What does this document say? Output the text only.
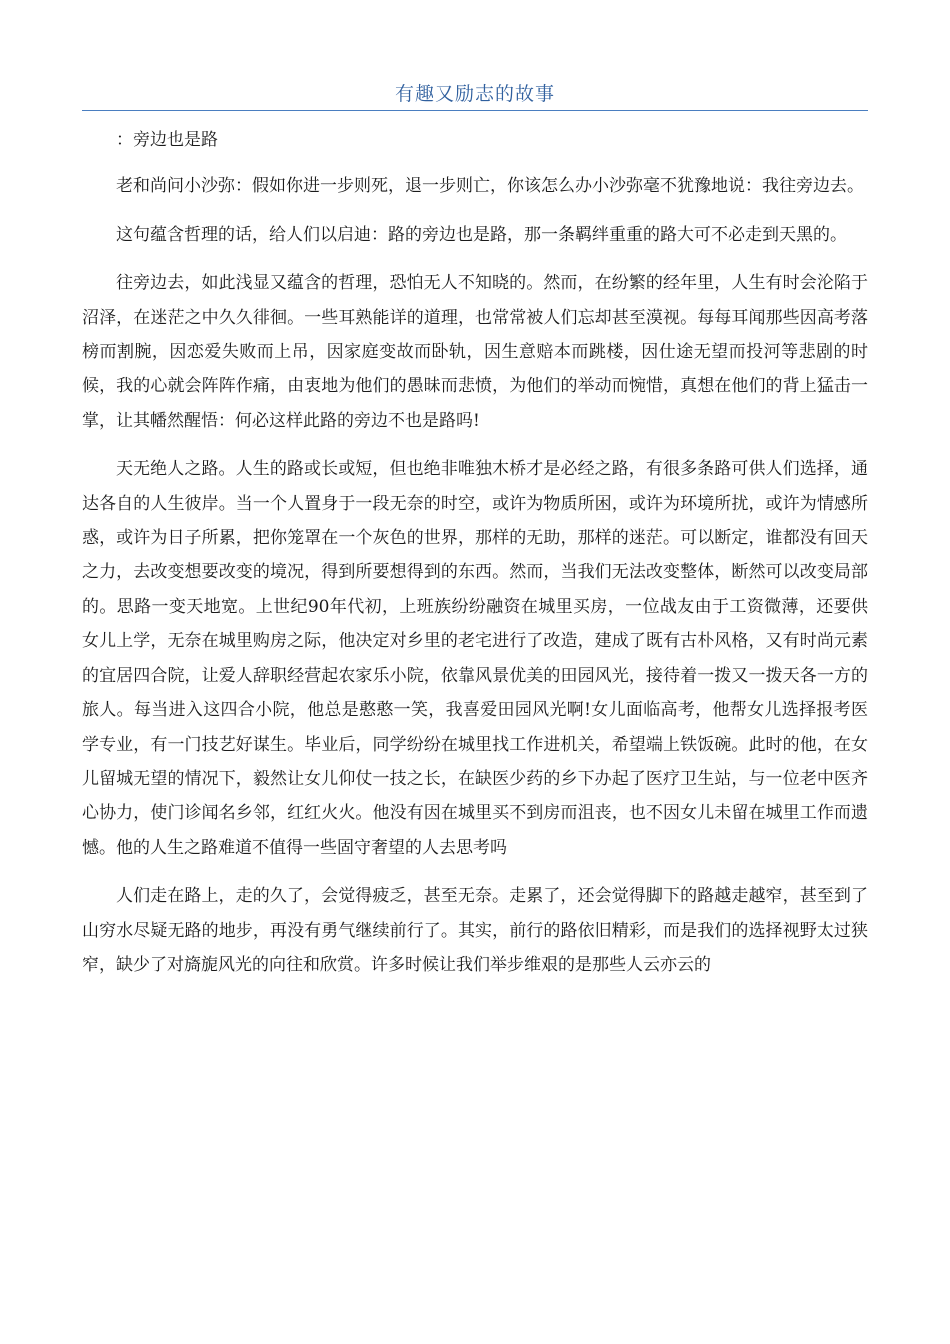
有趣又励志的故事

：旁边也是路

老和尚问小沙弥：假如你进一步则死，退一步则亡，你该怎么办小沙弥毫不犹豫地说：我往旁边去。

这句蕴含哲理的话，给人们以启迪：路的旁边也是路，那一条羁绊重重的路大可不必走到天黑的。

往旁边去，如此浅显又蕴含的哲理，恐怕无人不知晓的。然而，在纷繁的经年里，人生有时会沦陷于沼泽，在迷茫之中久久徘徊。一些耳熟能详的道理，也常常被人们忘却甚至漠视。每每耳闻那些因高考落榜而割腕，因恋爱失败而上吊，因家庭变故而卧轨，因生意赔本而跳楼，因仕途无望而投河等悲剧的时候，我的心就会阵阵作痛，由衷地为他们的愚昧而悲愤，为他们的举动而惋惜，真想在他们的背上猛击一掌，让其幡然醒悟：何必这样此路的旁边不也是路吗!

天无绝人之路。人生的路或长或短，但也绝非唯独木桥才是必经之路，有很多条路可供人们选择，通达各自的人生彼岸。当一个人置身于一段无奈的时空，或许为物质所困，或许为环境所扰，或许为情感所惑，或许为日子所累，把你笼罩在一个灰色的世界，那样的无助，那样的迷茫。可以断定，谁都没有回天之力，去改变想要改变的境况，得到所要想得到的东西。然而，当我们无法改变整体，断然可以改变局部的。思路一变天地宽。上世纪90年代初，上班族纷纷融资在城里买房，一位战友由于工资微薄，还要供女儿上学，无奈在城里购房之际，他决定对乡里的老宅进行了改造，建成了既有古朴风格，又有时尚元素的宜居四合院，让爱人辞职经营起农家乐小院，依靠风景优美的田园风光，接待着一拨又一拨天各一方的旅人。每当进入这四合小院，他总是憨憨一笑，我喜爱田园风光啊!女儿面临高考，他帮女儿选择报考医学专业，有一门技艺好谋生。毕业后，同学纷纷在城里找工作进机关，希望端上铁饭碗。此时的他，在女儿留城无望的情况下，毅然让女儿仰仗一技之长，在缺医少药的乡下办起了医疗卫生站，与一位老中医齐心协力，使门诊闻名乡邻，红红火火。他没有因在城里买不到房而沮丧，也不因女儿未留在城里工作而遗憾。他的人生之路难道不值得一些固守奢望的人去思考吗

人们走在路上，走的久了，会觉得疲乏，甚至无奈。走累了，还会觉得脚下的路越走越窄，甚至到了山穷水尽疑无路的地步，再没有勇气继续前行了。其实，前行的路依旧精彩，而是我们的选择视野太过狭窄，缺少了对旖旎风光的向往和欣赏。许多时候让我们举步维艰的是那些人云亦云的
